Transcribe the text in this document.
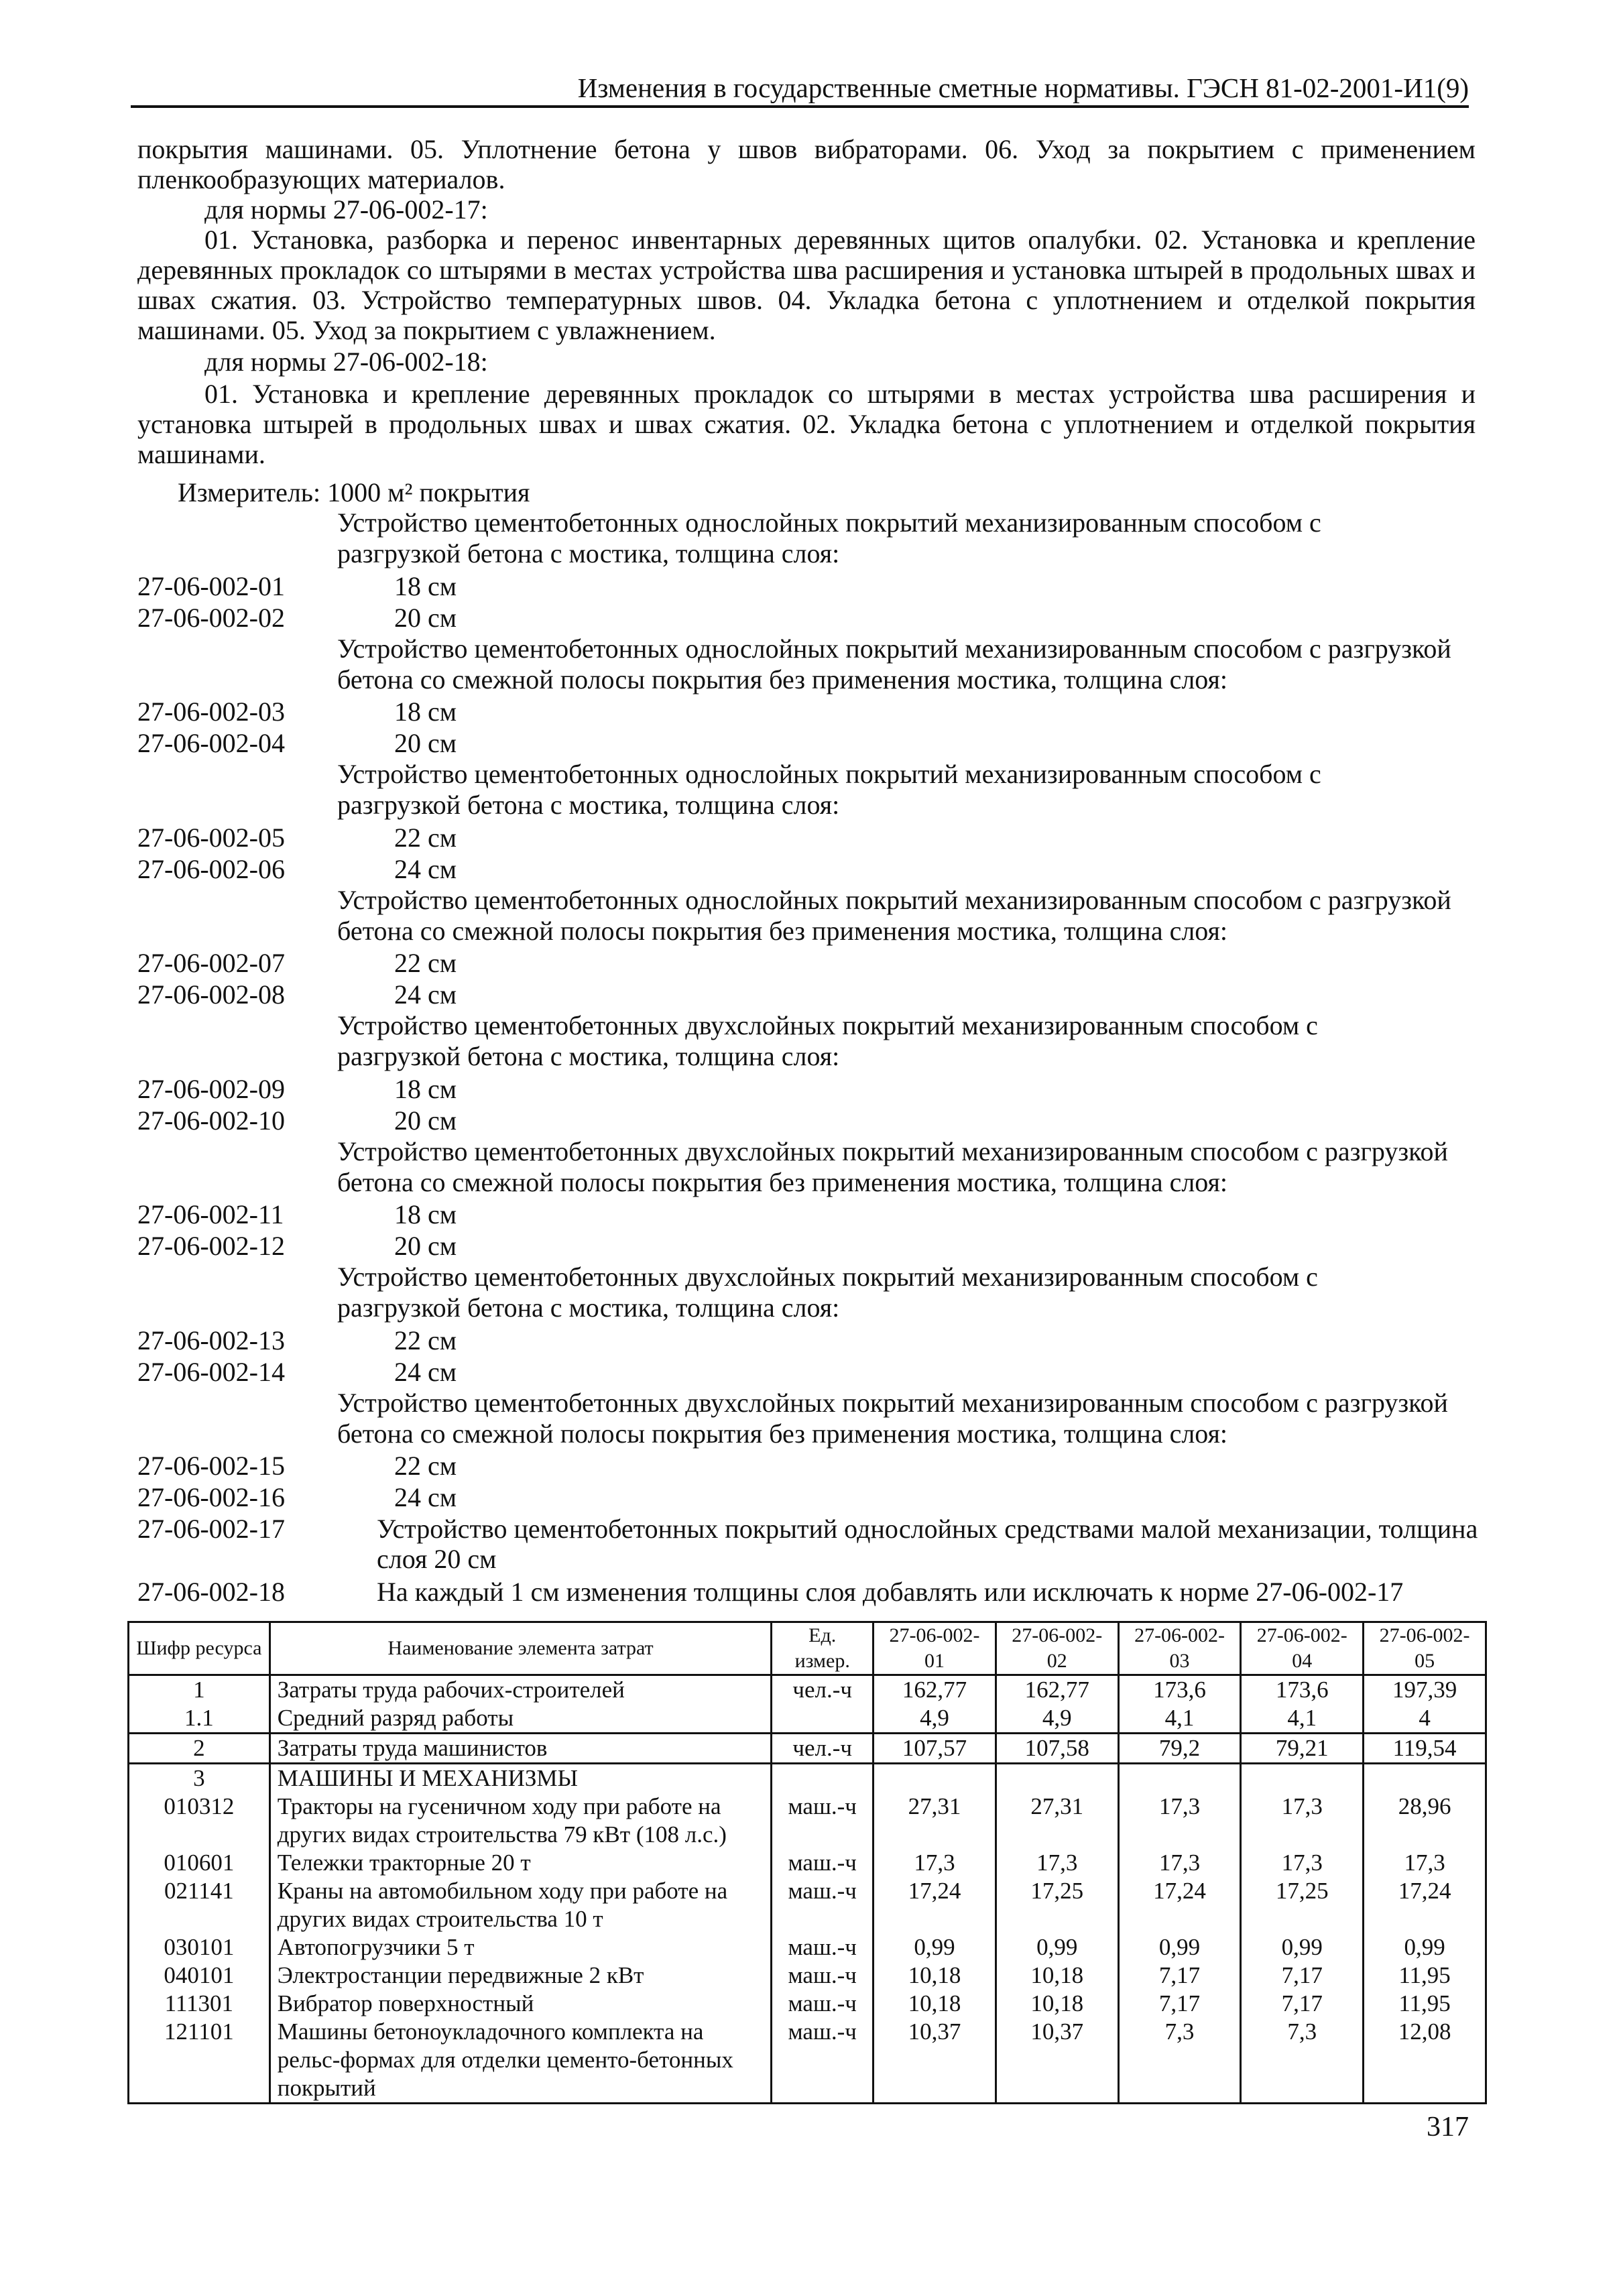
Изменения в государственные сметные нормативы. ГЭСН 81-02-2001-И1(9)

покрытия машинами. 05. Уплотнение бетона у швов вибраторами. 06. Уход за покрытием с применением пленкообразующих материалов.

для нормы 27-06-002-17:

01. Установка, разборка и перенос инвентарных деревянных щитов опалубки. 02. Установка и крепление деревянных прокладок со штырями в местах устройства шва расширения и установка штырей в продольных швах и швах сжатия. 03. Устройство температурных швов. 04. Укладка бетона с уплотнением и отделкой покрытия машинами. 05. Уход за покрытием с увлажнением.

для нормы 27-06-002-18:

01. Установка и крепление деревянных прокладок со штырями в местах устройства шва расширения и установка штырей в продольных швах и швах сжатия. 02. Укладка бетона с уплотнением и отделкой покрытия машинами.

Измеритель: 1000 м² покрытия
Устройство цементобетонных однослойных покрытий механизированным способом с разгрузкой бетона с мостика, толщина слоя:
27-06-002-01	18 см
27-06-002-02	20 см
Устройство цементобетонных однослойных покрытий механизированным способом с разгрузкой бетона со смежной полосы покрытия без применения мостика, толщина слоя:
27-06-002-03	18 см
27-06-002-04	20 см
Устройство цементобетонных однослойных покрытий механизированным способом с разгрузкой бетона с мостика, толщина слоя:
27-06-002-05	22 см
27-06-002-06	24 см
Устройство цементобетонных однослойных покрытий механизированным способом с разгрузкой бетона со смежной полосы покрытия без применения мостика, толщина слоя:
27-06-002-07	22 см
27-06-002-08	24 см
Устройство цементобетонных двухслойных покрытий механизированным способом с разгрузкой бетона с мостика, толщина слоя:
27-06-002-09	18 см
27-06-002-10	20 см
Устройство цементобетонных двухслойных покрытий механизированным способом с разгрузкой бетона со смежной полосы покрытия без применения мостика, толщина слоя:
27-06-002-11	18 см
27-06-002-12	20 см
Устройство цементобетонных двухслойных покрытий механизированным способом с разгрузкой бетона с мостика, толщина слоя:
27-06-002-13	22 см
27-06-002-14	24 см
Устройство цементобетонных двухслойных покрытий механизированным способом с разгрузкой бетона со смежной полосы покрытия без применения мостика, толщина слоя:
27-06-002-15	22 см
27-06-002-16	24 см
27-06-002-17	Устройство цементобетонных покрытий однослойных средствами малой механизации, толщина слоя 20 см
27-06-002-18	На каждый 1 см изменения толщины слоя добавлять или исключать к норме 27-06-002-17
Шифр ресурса	Наименование элемента затрат	Ед. измер.	27-06-002-01	27-06-002-02	27-06-002-03	27-06-002-04	27-06-002-05
1	Затраты труда рабочих-строителей	чел.-ч	162,77	162,77	173,6	173,6	197,39
1.1	Средний разряд работы		4,9	4,9	4,1	4,1	4
2	Затраты труда машинистов	чел.-ч	107,57	107,58	79,2	79,21	119,54
3	МАШИНЫ И МЕХАНИЗМЫ						
010312	Тракторы на гусеничном ходу при работе на других видах строительства 79 кВт (108 л.с.)	маш.-ч	27,31	27,31	17,3	17,3	28,96
010601	Тележки тракторные 20 т	маш.-ч	17,3	17,3	17,3	17,3	17,3
021141	Краны на автомобильном ходу при работе на других видах строительства 10 т	маш.-ч	17,24	17,25	17,24	17,25	17,24
030101	Автопогрузчики 5 т	маш.-ч	0,99	0,99	0,99	0,99	0,99
040101	Электростанции передвижные 2 кВт	маш.-ч	10,18	10,18	7,17	7,17	11,95
111301	Вибратор поверхностный	маш.-ч	10,18	10,18	7,17	7,17	11,95
121101	Машины бетоноукладочного комплекта на рельс-формах для отделки цементо-бетонных покрытий	маш.-ч	10,37	10,37	7,3	7,3	12,08
317
